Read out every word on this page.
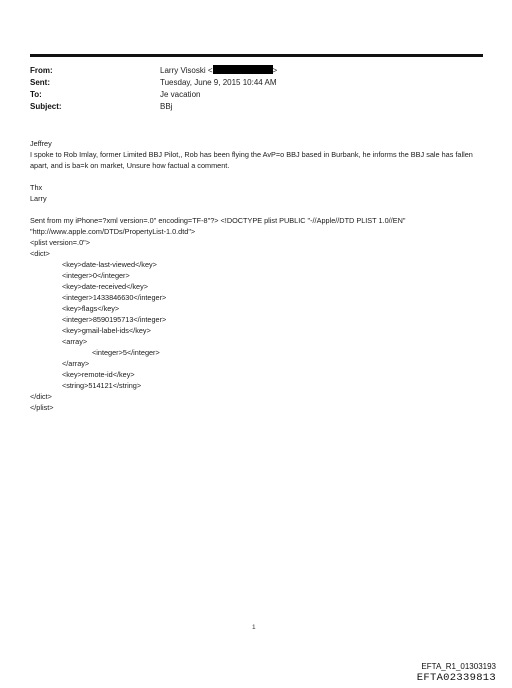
From:	Larry Visoski <	>
Sent:	Tuesday, June 9, 2015 10:44 AM
To:	Je vacation
Subject:	BBj

Jeffrey

I spoke to Rob Imlay, former Limited BBJ Pilot,, Rob has been flying the AvP=o BBJ based in Burbank, he informs the BBJ sale has fallen apart, and is ba=k on market, Unsure how factual a comment.

Thx

Larry

Sent from my iPhone=?xml version=.0" encoding=TF-8"?> <!DOCTYPE plist PUBLIC "-//Apple//DTD PLIST 1.0//EN"

"http://www.apple.com/DTDs/PropertyList-1.0.dtd">

<plist version=.0">

<dict>

<key>date-last-viewed</key>

<integer>0</integer>

<key>date-received</key>

<integer>1433846630</integer>

<key>flags</key>

<integer>8590195713</integer>

<key>gmail-label-ids</key>

<array>

<integer>5</integer>

</array>

<key>remote-id</key>

<string>514121</string>

</dict>

</plist>

1
EFTA_R1_01303193
EFTA02339813
